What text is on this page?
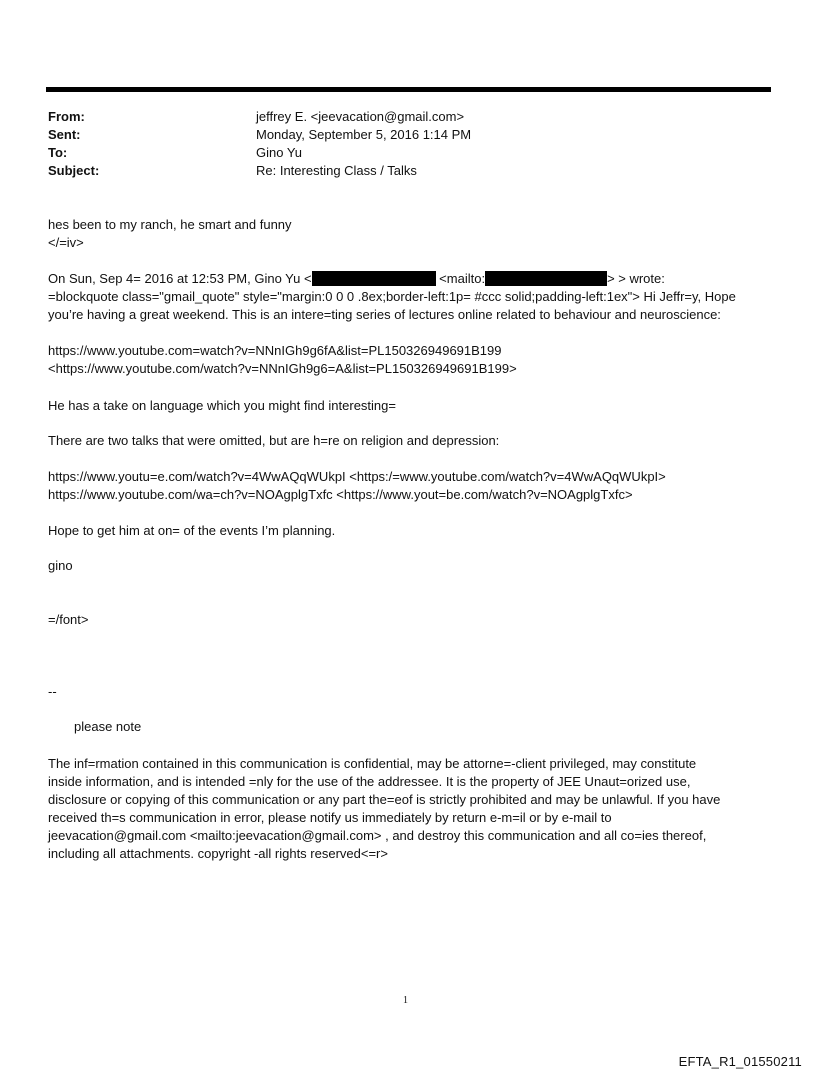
From:	jeffrey E. <jeevacation@gmail.com>
Sent:	Monday, September 5, 2016 1:14 PM
To:	Gino Yu
Subject:	Re: Interesting Class / Talks
hes been to my ranch, he smart and funny
</=iv>
On Sun, Sep 4= 2016 at 12:53 PM, Gino Yu <	<mailto:	> > wrote:
=blockquote class="gmail_quote" style="margin:0 0 0 .8ex;border-left:1p= #ccc solid;padding-left:1ex"> Hi Jeffr=y, Hope
you’re having a great weekend. This is an intere=ting series of lectures online related to behaviour and neuroscience:
https://www.youtube.com=watch?v=NNnIGh9g6fA&list=PL150326949691B199
<https://www.youtube.com/watch?v=NNnIGh9g6=A&list=PL150326949691B199>
He has a take on language which you might find interesting=
There are two talks that were omitted, but are h=re on religion and depression:
https://www.youtu=e.com/watch?v=4WwAQqWUkpI <https:/=www.youtube.com/watch?v=4WwAQqWUkpI>
https://www.youtube.com/wa=ch?v=NOAgplgTxfc <https://www.yout=be.com/watch?v=NOAgplgTxfc>
Hope to get him at on= of the events I’m planning.
gino
=/font>
--
please note
The inf=rmation contained in this communication is confidential, may be attorne=-client privileged, may constitute
inside information, and is intended =nly for the use of the addressee. It is the property of JEE Unaut=orized use,
disclosure or copying of this communication or any part the=eof is strictly prohibited and may be unlawful. If you have
received th=s communication in error, please notify us immediately by return e-m=il or by e-mail to
jeevacation@gmail.com <mailto:jeevacation@gmail.com> , and destroy this communication and all co=ies thereof,
including all attachments. copyright -all rights reserved<=r>
1
EFTA_R1_01550211
